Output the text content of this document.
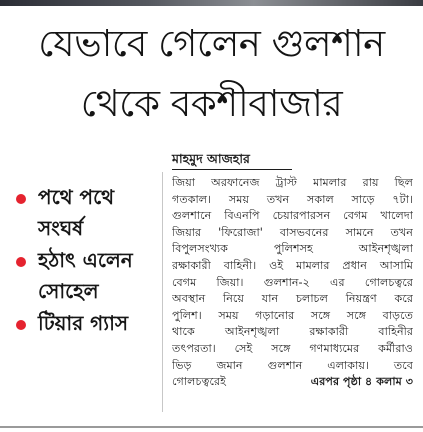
যেভাবে গেলেন গুলশান
থেকে বকশীবাজার
মাহমুদ আজহার
পথে পথে
সংঘর্ষ
হঠাৎ এলেন
সোহেল
টিয়ার গ্যাস
জিয়া অরফানেজ ট্রাস্ট মামলার রায় ছিল
গতকাল। সময় তখন সকাল সাড়ে ৭টা।
গুলশানে বিএনপি চেয়ারপারসন বেগম খালেদা
জিয়ার 'ফিরোজা' বাসভবনের সামনে তখন
বিপুলসংখ্যক পুলিশসহ আইনশৃঙ্খলা
রক্ষাকারী বাহিনী। ওই মামলার প্রধান আসামি
বেগম জিয়া। গুলশান-২ এর গোলচত্বরে
অবস্থান নিয়ে যান চলাচল নিয়ন্ত্রণ করে
পুলিশ। সময় গড়ানোর সঙ্গে সঙ্গে বাড়তে
থাকে আইনশৃঙ্খলা রক্ষাকারী বাহিনীর
তৎপরতা। সেই সঙ্গে গণমাধ্যমের কর্মীরাও
ভিড় জমান গুলশান এলাকায়। তবে
গোলচত্বরেই	এরপর পৃষ্ঠা ৪ কলাম ৩
